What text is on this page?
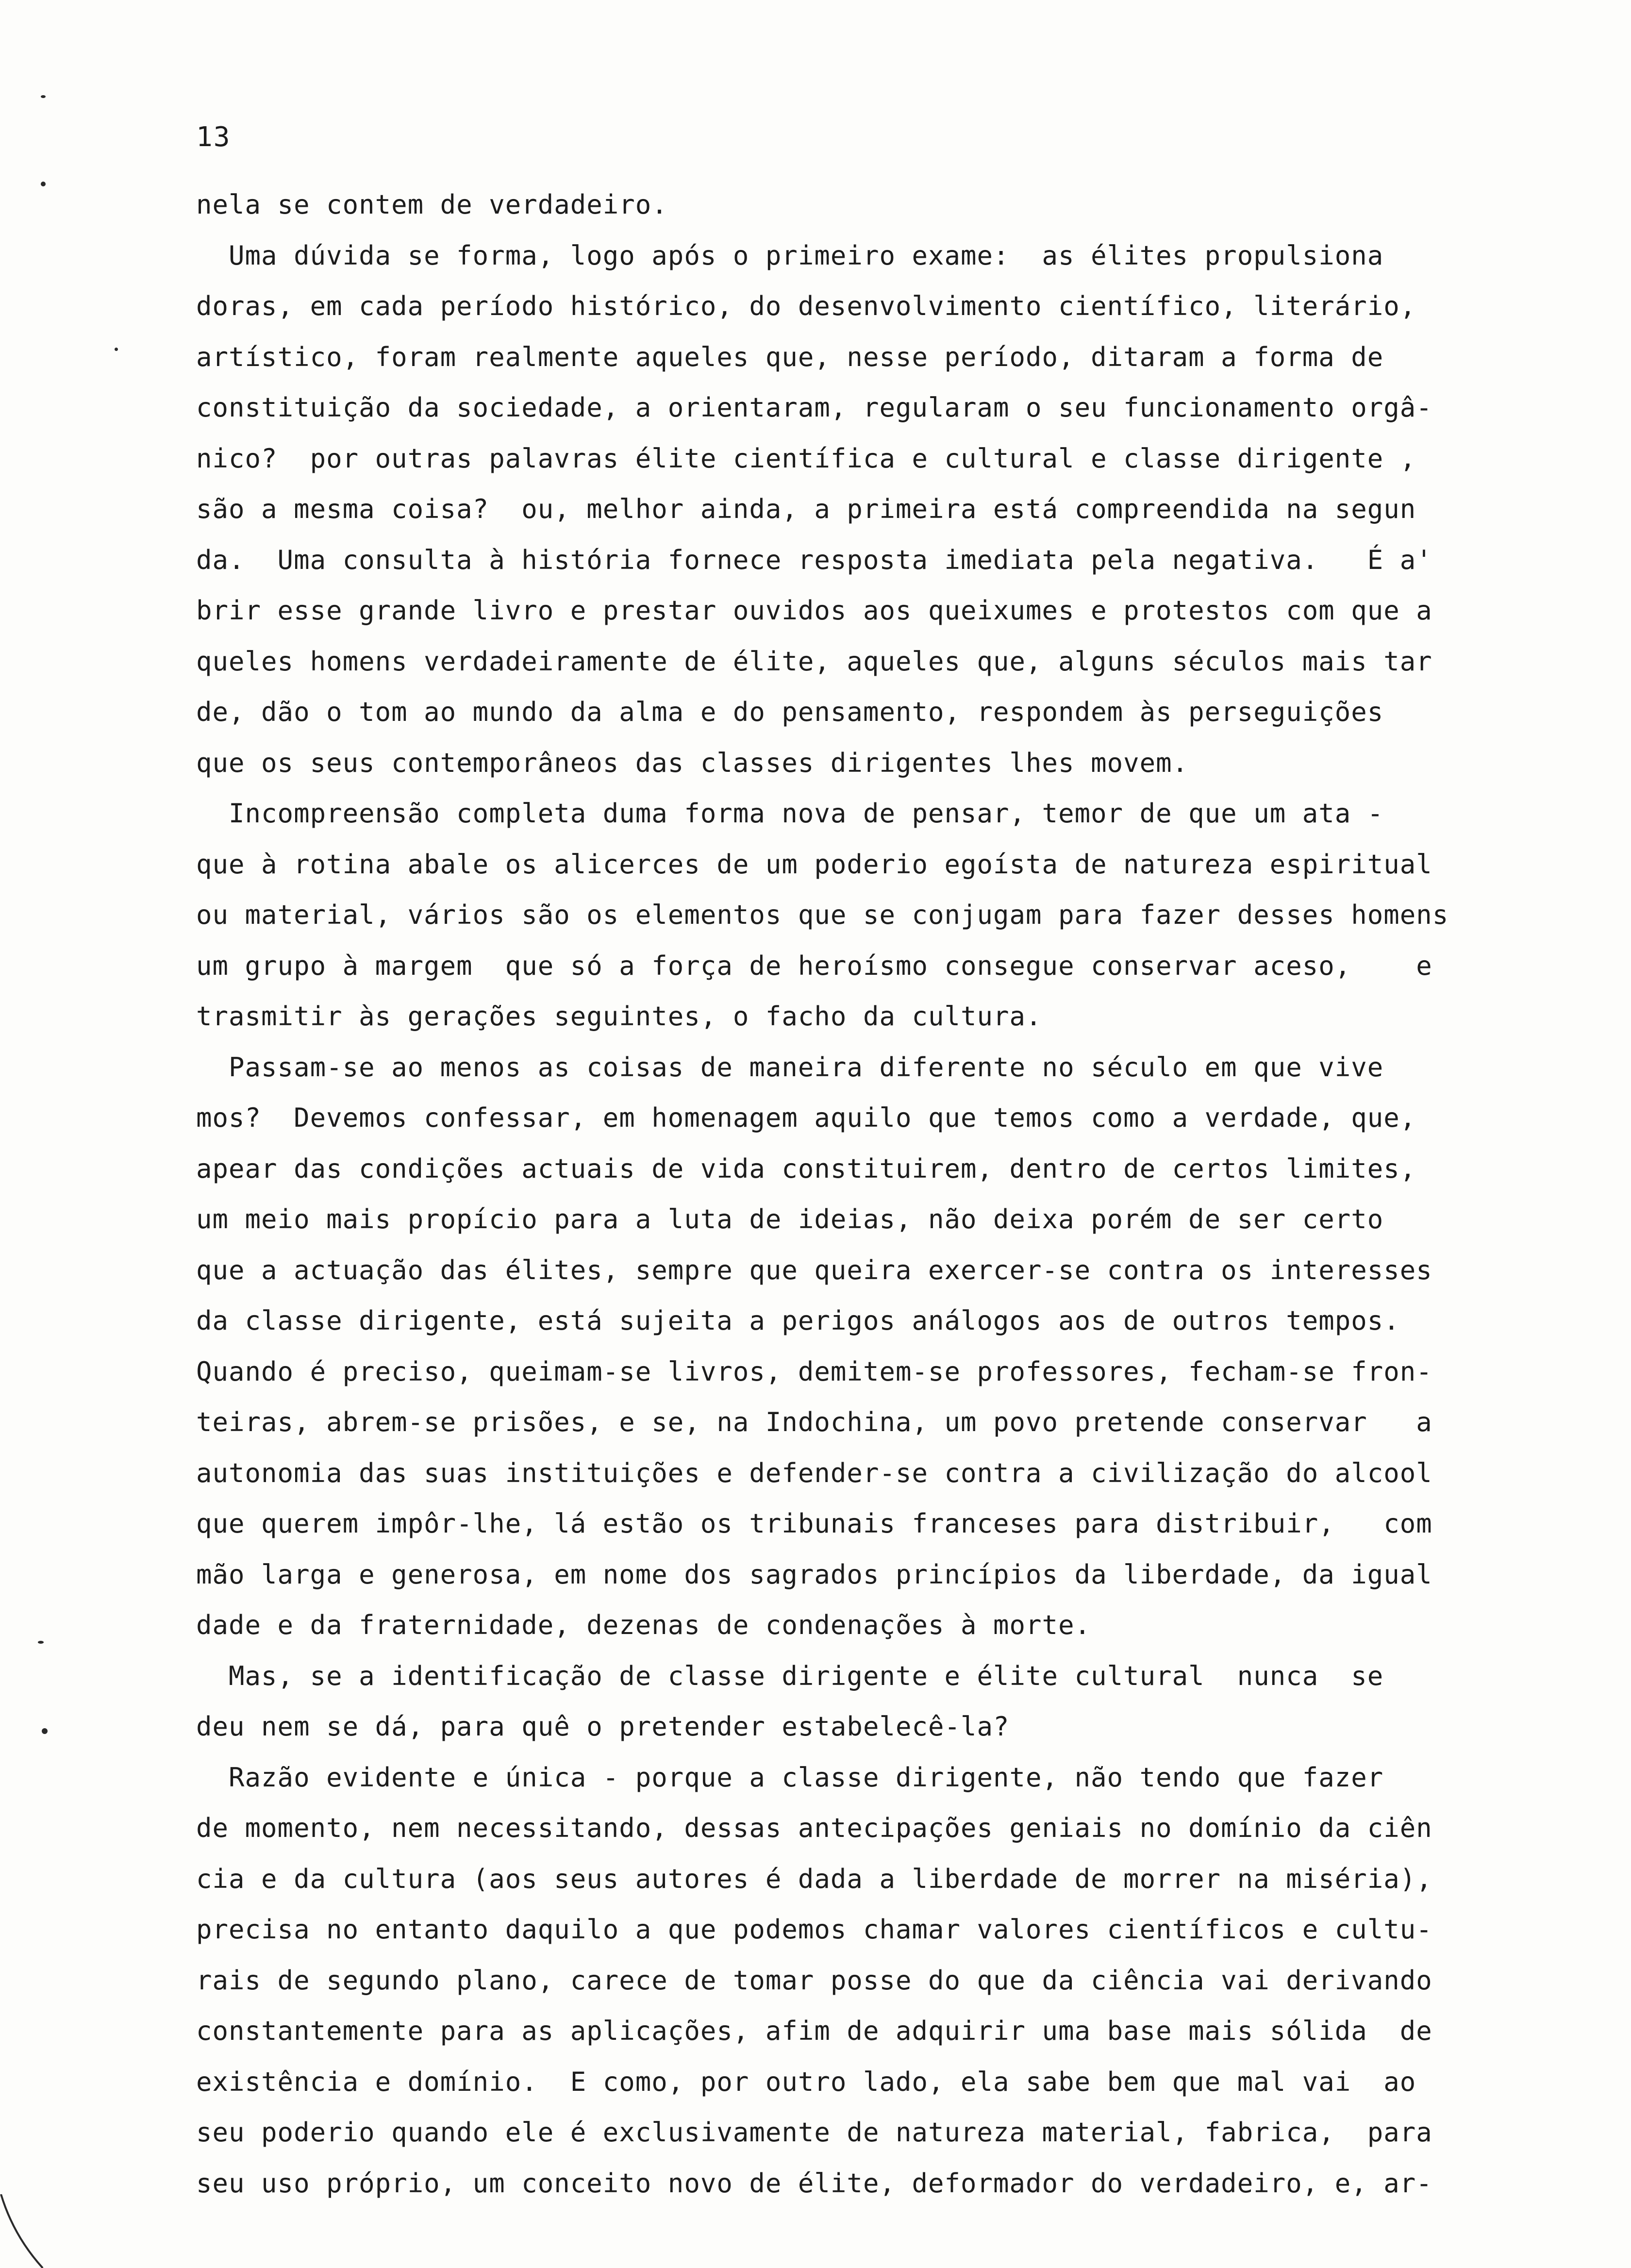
13
nela se contem de verdadeiro.
Uma dúvida se forma, logo após o primeiro exame:  as élites propulsiona
doras, em cada período histórico, do desenvolvimento científico, literário,
artístico, foram realmente aqueles que, nesse período, ditaram a forma de
constituição da sociedade, a orientaram, regularam o seu funcionamento orgâ-
nico?  por outras palavras élite científica e cultural e classe dirigente ,
são a mesma coisa?  ou, melhor ainda, a primeira está compreendida na segun
da.  Uma consulta à história fornece resposta imediata pela negativa.   É a'
brir esse grande livro e prestar ouvidos aos queixumes e protestos com que a
queles homens verdadeiramente de élite, aqueles que, alguns séculos mais tar
de, dão o tom ao mundo da alma e do pensamento, respondem às perseguições
que os seus contemporâneos das classes dirigentes lhes movem.
Incompreensão completa duma forma nova de pensar, temor de que um ata -
que à rotina abale os alicerces de um poderio egoísta de natureza espiritual
ou material, vários são os elementos que se conjugam para fazer desses homens
um grupo à margem  que só a força de heroísmo consegue conservar aceso,    e
trasmitir às gerações seguintes, o facho da cultura.
Passam-se ao menos as coisas de maneira diferente no século em que vive
mos?  Devemos confessar, em homenagem aquilo que temos como a verdade, que,
apear das condições actuais de vida constituirem, dentro de certos limites,
um meio mais propício para a luta de ideias, não deixa porém de ser certo
que a actuação das élites, sempre que queira exercer-se contra os interesses
da classe dirigente, está sujeita a perigos análogos aos de outros tempos.
Quando é preciso, queimam-se livros, demitem-se professores, fecham-se fron-
teiras, abrem-se prisões, e se, na Indochina, um povo pretende conservar   a
autonomia das suas instituições e defender-se contra a civilização do alcool
que querem impôr-lhe, lá estão os tribunais franceses para distribuir,   com
mão larga e generosa, em nome dos sagrados princípios da liberdade, da igual
dade e da fraternidade, dezenas de condenações à morte.
Mas, se a identificação de classe dirigente e élite cultural  nunca  se
deu nem se dá, para quê o pretender estabelecê-la?
Razão evidente e única - porque a classe dirigente, não tendo que fazer
de momento, nem necessitando, dessas antecipações geniais no domínio da ciên
cia e da cultura (aos seus autores é dada a liberdade de morrer na miséria),
precisa no entanto daquilo a que podemos chamar valores científicos e cultu-
rais de segundo plano, carece de tomar posse do que da ciência vai derivando
constantemente para as aplicações, afim de adquirir uma base mais sólida  de
existência e domínio.  E como, por outro lado, ela sabe bem que mal vai  ao
seu poderio quando ele é exclusivamente de natureza material, fabrica,  para
seu uso próprio, um conceito novo de élite, deformador do verdadeiro, e, ar-
